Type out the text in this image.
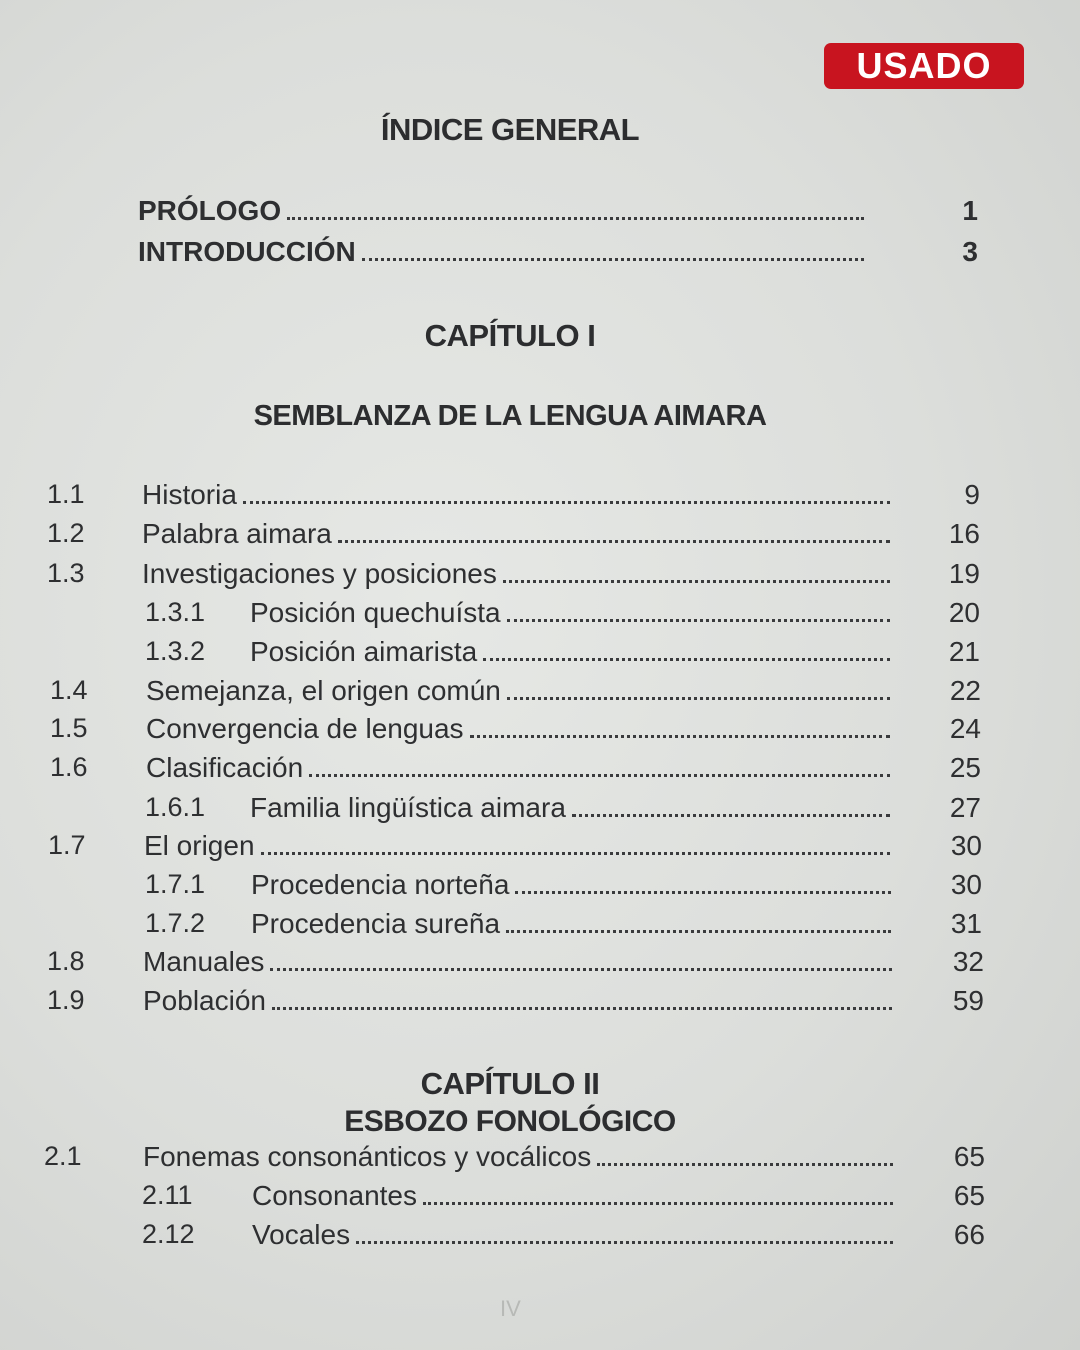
USADO
ÍNDICE GENERAL
PRÓLOGO	1
INTRODUCCIÓN	3
CAPÍTULO I
SEMBLANZA DE LA LENGUA AIMARA
1.1 Historia	9
1.2 Palabra aimara	16
1.3 Investigaciones y posiciones	19
1.3.1 Posición quechuísta	20
1.3.2 Posición aimarista	21
1.4 Semejanza, el origen común	22
1.5 Convergencia de lenguas	24
1.6 Clasificación	25
1.6.1 Familia lingüística aimara	27
1.7 El origen	30
1.7.1 Procedencia norteña	30
1.7.2 Procedencia sureña	31
1.8 Manuales	32
1.9 Población	59
CAPÍTULO II
ESBOZO FONOLÓGICO
2.1 Fonemas consonánticos y vocálicos	65
2.11 Consonantes	65
2.12 Vocales	66
IV
